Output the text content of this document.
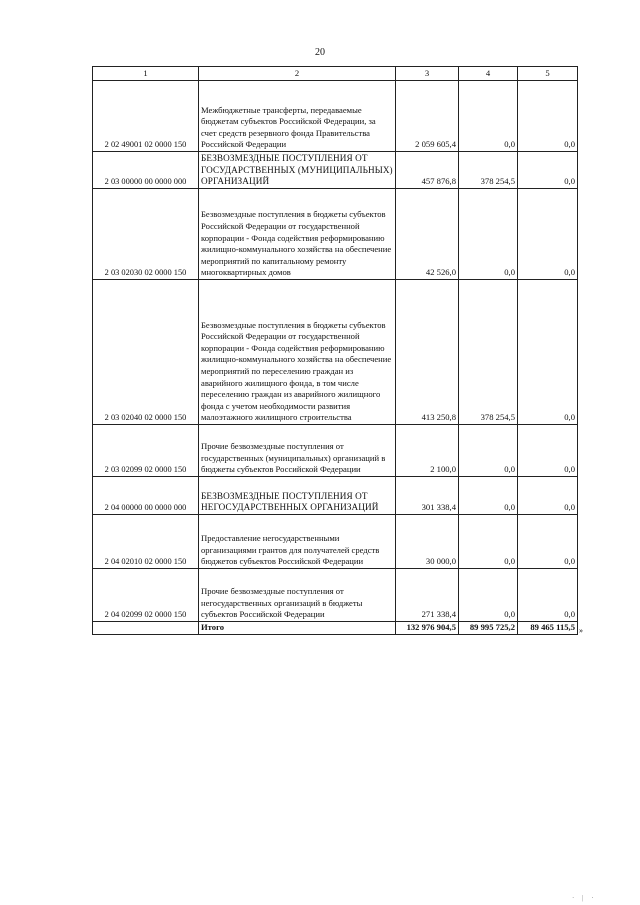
20
1	2	3	4	5
2 02 49001 02 0000 150	Межбюджетные трансферты, передаваемые бюджетам субъектов Российской Федерации, за счет средств резервного фонда Правительства Российской Федерации	2 059 605,4	0,0	0,0
2 03 00000 00 0000 000	БЕЗВОЗМЕЗДНЫЕ ПОСТУПЛЕНИЯ ОТ ГОСУДАРСТВЕННЫХ (МУНИЦИПАЛЬНЫХ) ОРГАНИЗАЦИЙ	457 876,8	378 254,5	0,0
2 03 02030 02 0000 150	Безвозмездные поступления в бюджеты субъектов Российской Федерации от государственной корпорации - Фонда содействия реформированию жилищно-коммунального хозяйства на обеспечение мероприятий по капитальному ремонту многоквартирных домов	42 526,0	0,0	0,0
2 03 02040 02 0000 150	Безвозмездные поступления в бюджеты субъектов Российской Федерации от государственной корпорации - Фонда содействия реформированию жилищно-коммунального хозяйства на обеспечение мероприятий по переселению граждан из аварийного жилищного фонда, в том числе переселению граждан из аварийного жилищного фонда с учетом необходимости развития малоэтажного жилищного строительства	413 250,8	378 254,5	0,0
2 03 02099 02 0000 150	Прочие безвозмездные поступления от государственных (муниципальных) организаций в бюджеты субъектов Российской Федерации	2 100,0	0,0	0,0
2 04 00000 00 0000 000	БЕЗВОЗМЕЗДНЫЕ ПОСТУПЛЕНИЯ ОТ НЕГОСУДАРСТВЕННЫХ ОРГАНИЗАЦИЙ	301 338,4	0,0	0,0
2 04 02010 02 0000 150	Предоставление негосударственными организациями грантов для получателей средств бюджетов субъектов Российской Федерации	30 000,0	0,0	0,0
2 04 02099 02 0000 150	Прочие безвозмездные поступления от негосударственных организаций в бюджеты субъектов Российской Федерации	271 338,4	0,0	0,0
	Итого	132 976 904,5	89 995 725,2	89 465 115,5 »
· | ·
